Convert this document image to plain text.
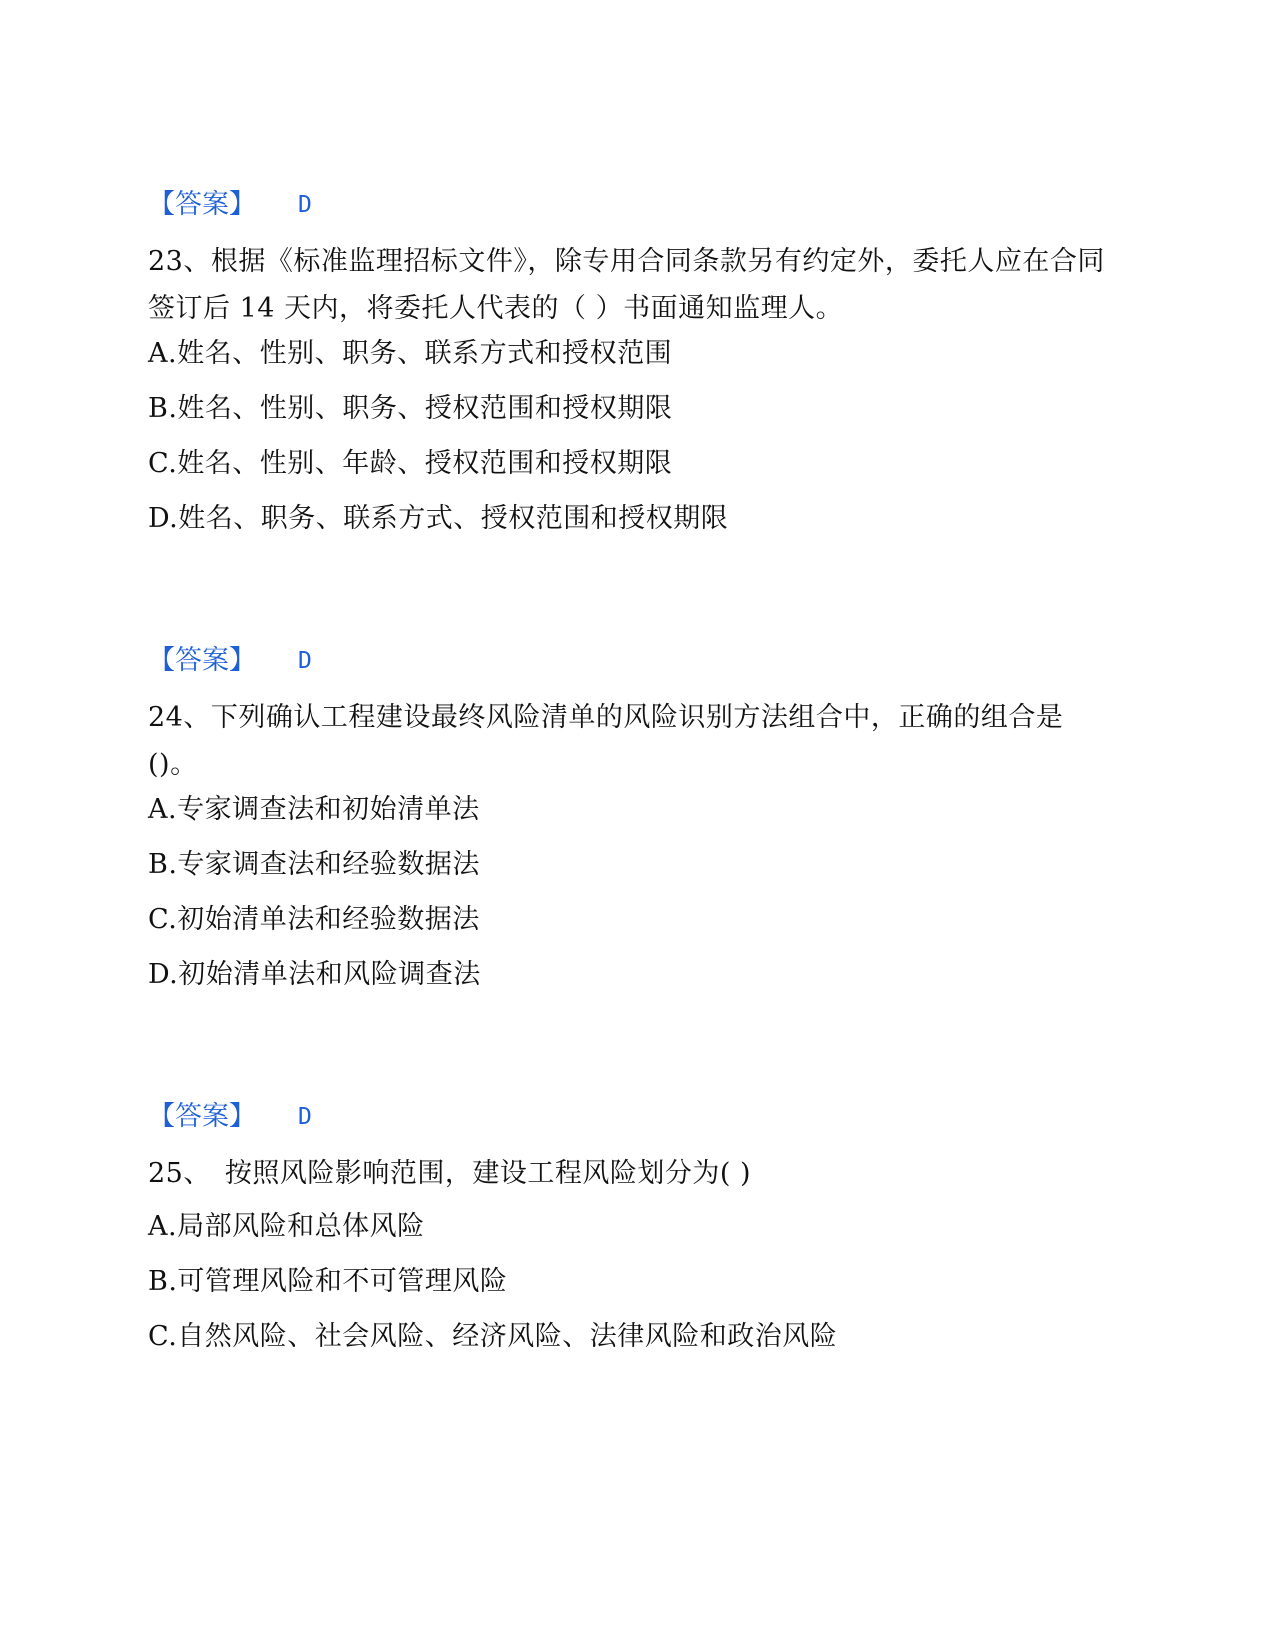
【答案】 D
23、根据《标准监理招标文件》，除专用合同条款另有约定外，委托人应在合同签订后 14 天内，将委托人代表的（ ）书面通知监理人。
A.姓名、性别、职务、联系方式和授权范围
B.姓名、性别、职务、授权范围和授权期限
C.姓名、性别、年龄、授权范围和授权期限
D.姓名、职务、联系方式、授权范围和授权期限
【答案】 D
24、下列确认工程建设最终风险清单的风险识别方法组合中，正确的组合是()。
A.专家调查法和初始清单法
B.专家调查法和经验数据法
C.初始清单法和经验数据法
D.初始清单法和风险调查法
【答案】 D
25、　按照风险影响范围，建设工程风险划分为( )
A.局部风险和总体风险
B.可管理风险和不可管理风险
C.自然风险、社会风险、经济风险、法律风险和政治风险
